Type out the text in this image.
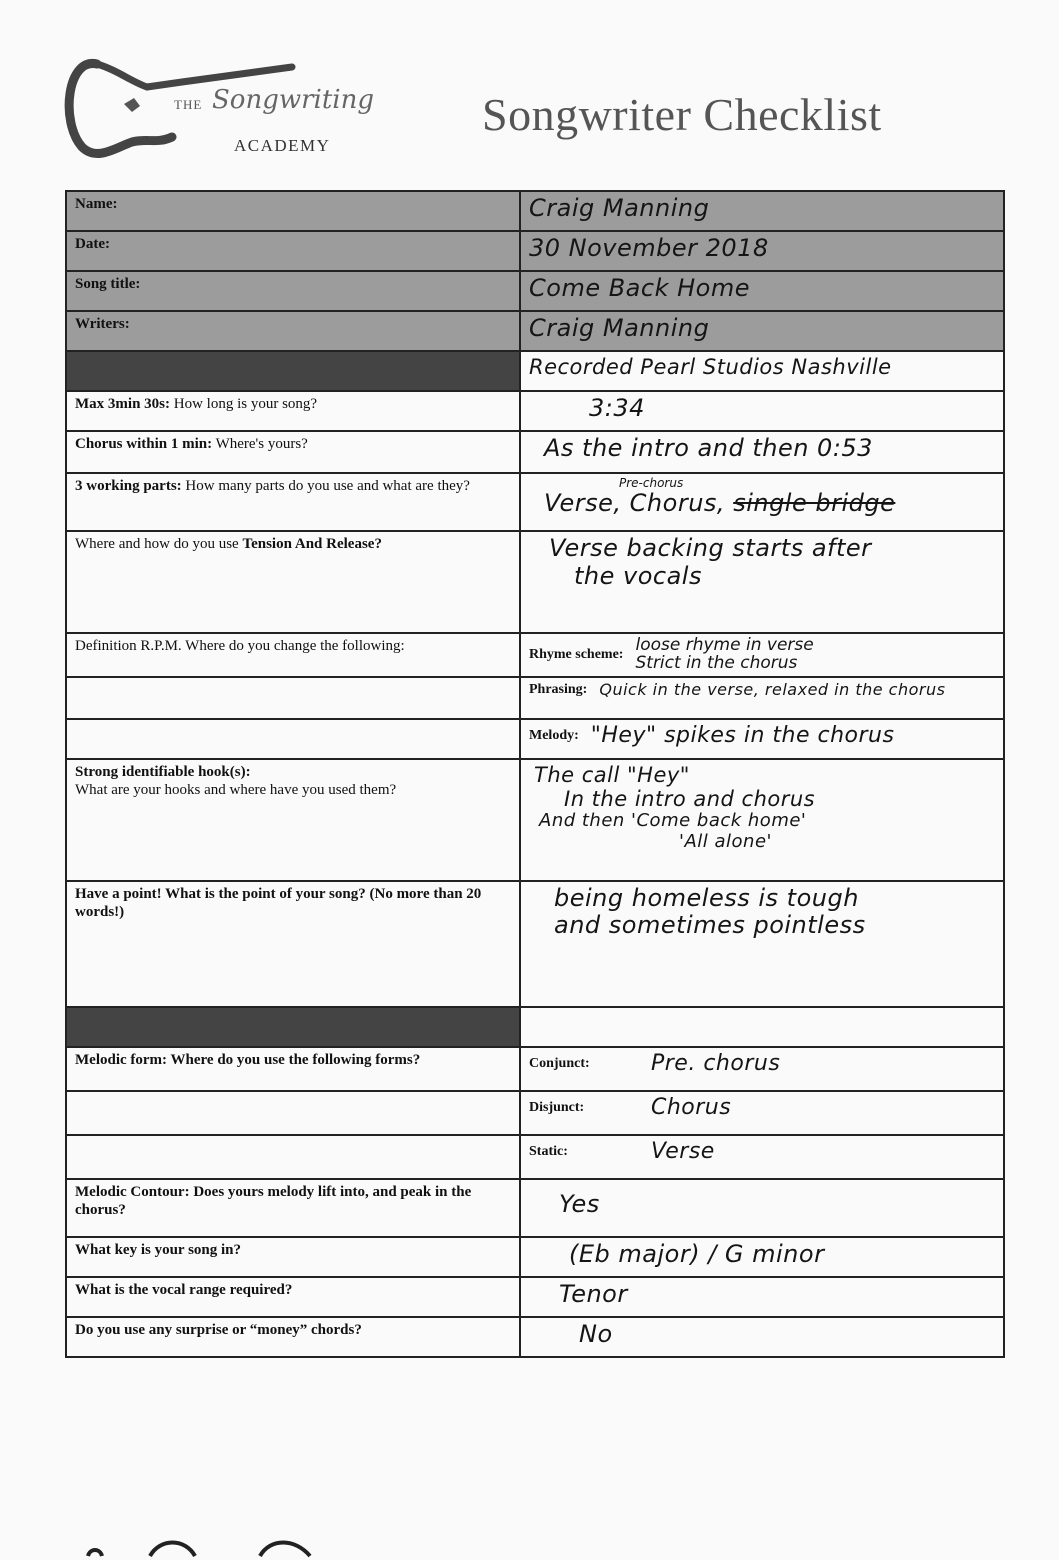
THE Songwriting
ACADEMY
Songwriter Checklist
Name:	Craig Manning

Date:	30 November 2018

Song title:	Come Back Home

Writers:	Craig Manning

	Recorded Pearl Studios Nashville

Max 3min 30s: How long is your song?	3:34

Chorus within 1 min: Where's yours?	As the intro and then 0:53

3 working parts: How many parts do you use and what are they?	Pre-chorus
Verse, Chorus, single bridge

Where and how do you use Tension And Release?	Verse backing starts after
the vocals

Definition R.P.M. Where do you change the following:	Rhyme scheme: loose rhyme in verse
Strict in the chorus

	Phrasing: Quick in the verse, relaxed in the chorus

	Melody: "Hey" spikes in the chorus

Strong identifiable hook(s):
What are your hooks and where have you used them?	The call "Hey"
In the intro and chorus
And then 'Come back home'
'All alone'

Have a point! What is the point of your song? (No more than 20 words!)	being homeless is tough
and sometimes pointless

Melodic form: Where do you use the following forms?	Conjunct: Pre. chorus

	Disjunct: Chorus

	Static: Verse

Melodic Contour: Does yours melody lift into, and peak in the chorus?	Yes

What key is your song in?	(Eb major) / G minor

What is the vocal range required?	Tenor

Do you use any surprise or “money” chords?	No
